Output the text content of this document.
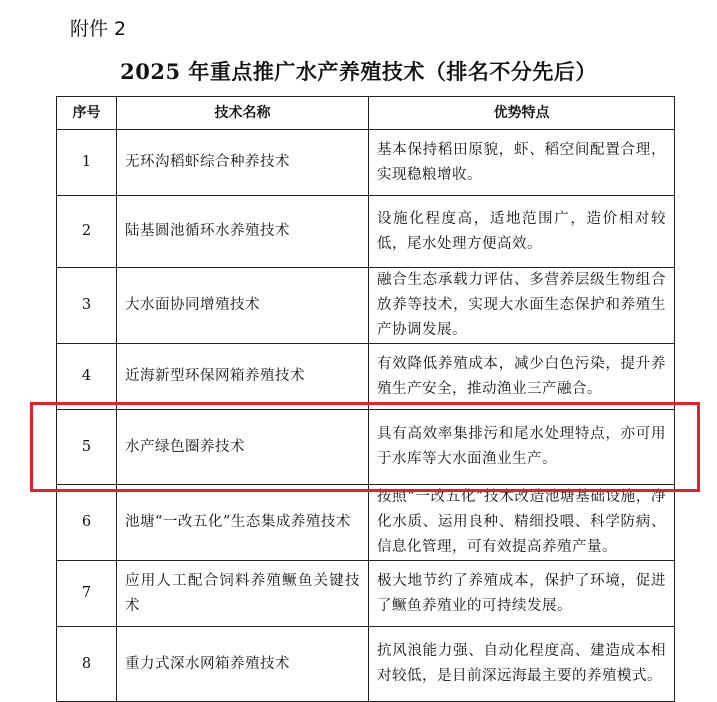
附件 2
2025 年重点推广水产养殖技术（排名不分先后）
序号	技术名称	优势特点
1	无环沟稻虾综合种养技术	基本保持稻田原貌，虾、稻空间配置合理，实现稳粮增收。
2	陆基圆池循环水养殖技术	设施化程度高，适地范围广，造价相对较低，尾水处理方便高效。
3	大水面协同增殖技术	融合生态承载力评估、多营养层级生物组合放养等技术，实现大水面生态保护和养殖生产协调发展。
4	近海新型环保网箱养殖技术	有效降低养殖成本，减少白色污染，提升养殖生产安全，推动渔业三产融合。
5	水产绿色圈养技术	具有高效率集排污和尾水处理特点，亦可用于水库等大水面渔业生产。
6	池塘“一改五化”生态集成养殖技术	按照“一改五化”技术改造池塘基础设施，净化水质、运用良种、精细投喂、科学防病、信息化管理，可有效提高养殖产量。
7	应用人工配合饲料养殖鳜鱼关键技术	极大地节约了养殖成本，保护了环境，促进了鳜鱼养殖业的可持续发展。
8	重力式深水网箱养殖技术	抗风浪能力强、自动化程度高、建造成本相对较低，是目前深远海最主要的养殖模式。
